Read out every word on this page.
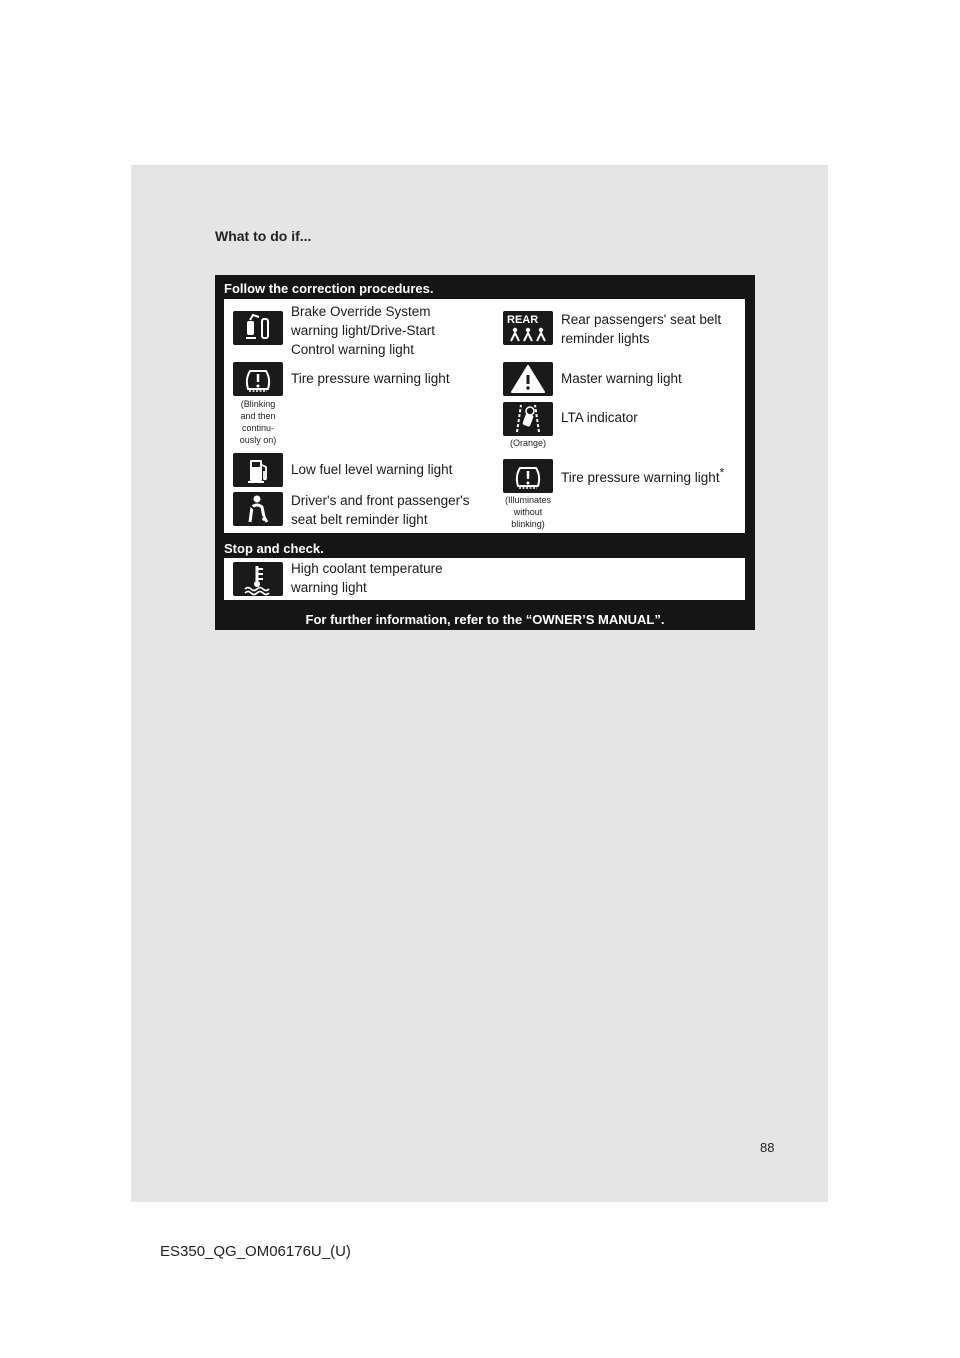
What to do if...
Follow the correction procedures.
Brake Override System warning light/Drive-Start Control warning light
REAR Rear passengers' seat belt reminder lights
(Blinking and then continu-ously on)
Tire pressure warning light	Master warning light
(Orange)
LTA indicator
Low fuel level warning light
(Illuminates without blinking)
Tire pressure warning light*
Driver's and front passenger's seat belt reminder light
Stop and check.
High coolant temperature warning light
For further information, refer to the “OWNER’S MANUAL”.
88
ES350_QG_OM06176U_(U)
